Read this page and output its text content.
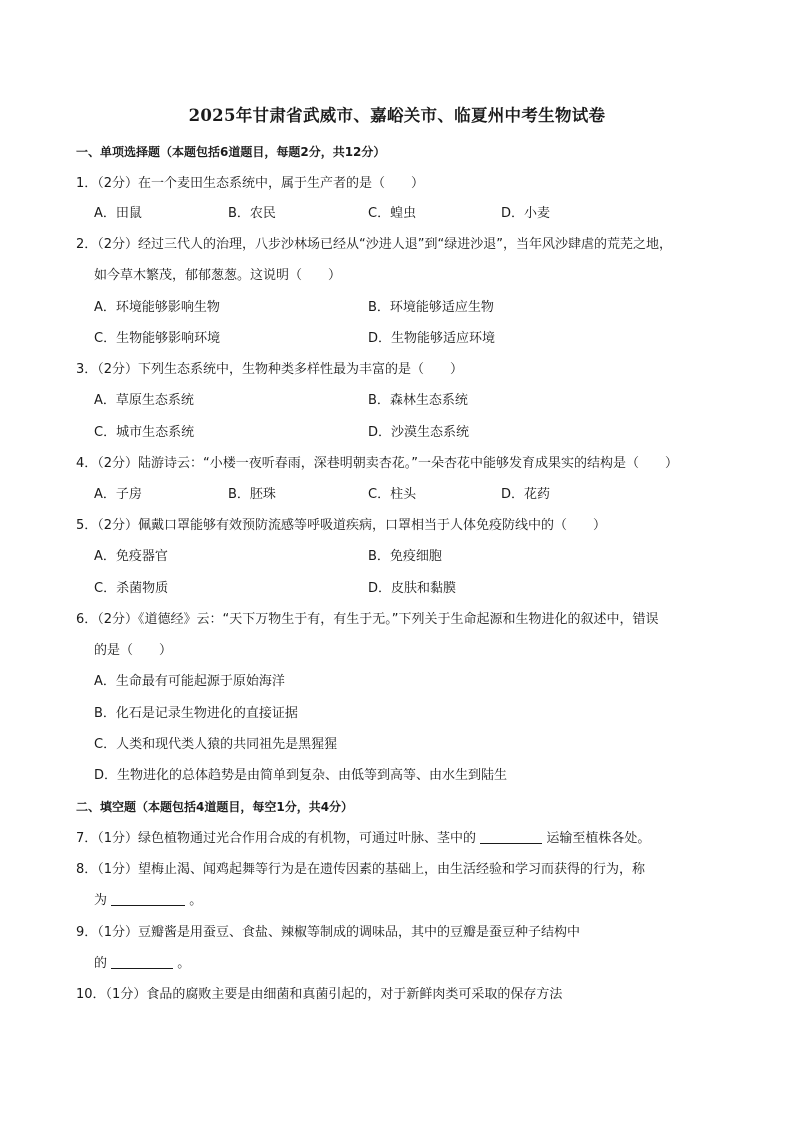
2025年甘肃省武威市、嘉峪关市、临夏州中考生物试卷
一、单项选择题（本题包括6道题目，每题2分，共12分）
1．（2分）在一个麦田生态系统中，属于生产者的是（　　）
A．田鼠	B．农民	C．蝗虫	D．小麦
2．（2分）经过三代人的治理，八步沙林场已经从“沙进人退”到“绿进沙退”，当年风沙肆虐的荒芜之地，
如今草木繁茂，郁郁葱葱。这说明（　　）
A．环境能够影响生物	B．环境能够适应生物
C．生物能够影响环境	D．生物能够适应环境
3．（2分）下列生态系统中，生物种类多样性最为丰富的是（　　）
A．草原生态系统	B．森林生态系统
C．城市生态系统	D．沙漠生态系统
4．（2分）陆游诗云：“小楼一夜听春雨，深巷明朝卖杏花。”一朵杏花中能够发育成果实的结构是（　　）
A．子房	B．胚珠	C．柱头	D．花药
5．（2分）佩戴口罩能够有效预防流感等呼吸道疾病，口罩相当于人体免疫防线中的（　　）
A．免疫器官	B．免疫细胞
C．杀菌物质	D．皮肤和黏膜
6．（2分）《道德经》云：“天下万物生于有，有生于无。”下列关于生命起源和生物进化的叙述中，错误
的是（　　）
A．生命最有可能起源于原始海洋
B．化石是记录生物进化的直接证据
C．人类和现代类人猿的共同祖先是黑猩猩
D．生物进化的总体趋势是由简单到复杂、由低等到高等、由水生到陆生
二、填空题（本题包括4道题目，每空1分，共4分）
7．（1分）绿色植物通过光合作用合成的有机物，可通过叶脉、茎中的	运输至植株各处。
8．（1分）望梅止渴、闻鸡起舞等行为是在遗传因素的基础上，由生活经验和学习而获得的行为，称
为	。
9．（1分）豆瓣酱是用蚕豆、食盐、辣椒等制成的调味品，其中的豆瓣是蚕豆种子结构中
的	。
10．（1分）食品的腐败主要是由细菌和真菌引起的，对于新鲜肉类可采取的保存方法
